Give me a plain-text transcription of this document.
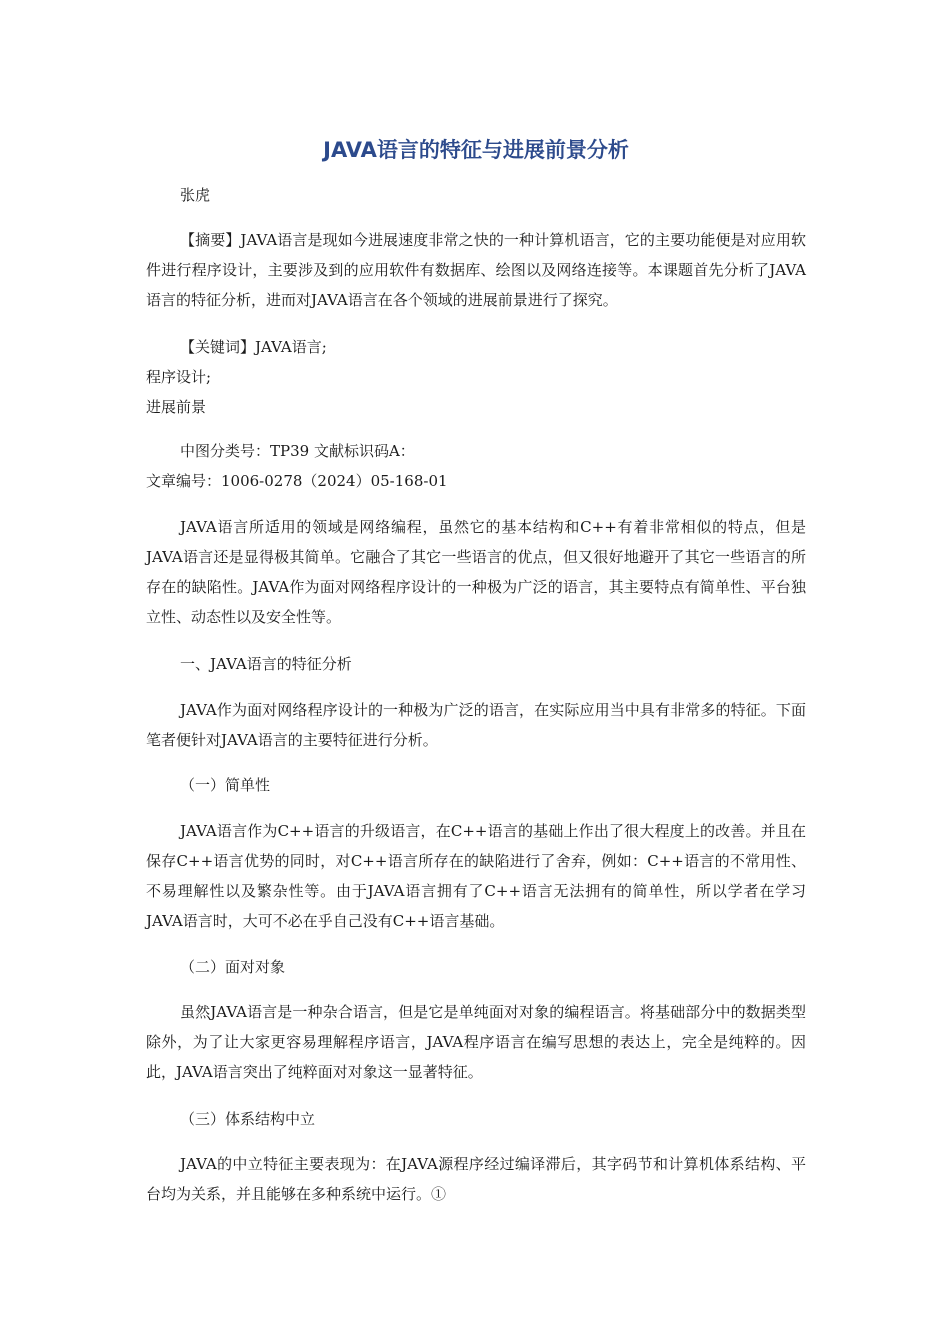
JAVA语言的特征与进展前景分析

张虎

【摘要】JAVA语言是现如今进展速度非常之快的一种计算机语言，它的主要功能便是对应用软件进行程序设计，主要涉及到的应用软件有数据库、绘图以及网络连接等。本课题首先分析了JAVA语言的特征分析，进而对JAVA语言在各个领域的进展前景进行了探究。

【关键词】JAVA语言;
程序设计;
进展前景
中图分类号：TP39 文献标识码A：
文章编号：1006-0278（2024）05-168-01

JAVA语言所适用的领域是网络编程，虽然它的基本结构和C++有着非常相似的特点，但是JAVA语言还是显得极其简单。它融合了其它一些语言的优点，但又很好地避开了其它一些语言的所存在的缺陷性。JAVA作为面对网络程序设计的一种极为广泛的语言，其主要特点有简单性、平台独立性、动态性以及安全性等。

一、JAVA语言的特征分析

JAVA作为面对网络程序设计的一种极为广泛的语言，在实际应用当中具有非常多的特征。下面笔者便针对JAVA语言的主要特征进行分析。

（一）简单性

JAVA语言作为C++语言的升级语言，在C++语言的基础上作出了很大程度上的改善。并且在保存C++语言优势的同时，对C++语言所存在的缺陷进行了舍弃，例如：C++语言的不常用性、不易理解性以及繁杂性等。由于JAVA语言拥有了C++语言无法拥有的简单性，所以学者在学习JAVA语言时，大可不必在乎自己没有C++语言基础。

（二）面对对象

虽然JAVA语言是一种杂合语言，但是它是单纯面对对象的编程语言。将基础部分中的数据类型除外，为了让大家更容易理解程序语言，JAVA程序语言在编写思想的表达上，完全是纯粹的。因此，JAVA语言突出了纯粹面对对象这一显著特征。

（三）体系结构中立

JAVA的中立特征主要表现为：在JAVA源程序经过编译滞后，其字码节和计算机体系结构、平台均为关系，并且能够在多种系统中运行。①
